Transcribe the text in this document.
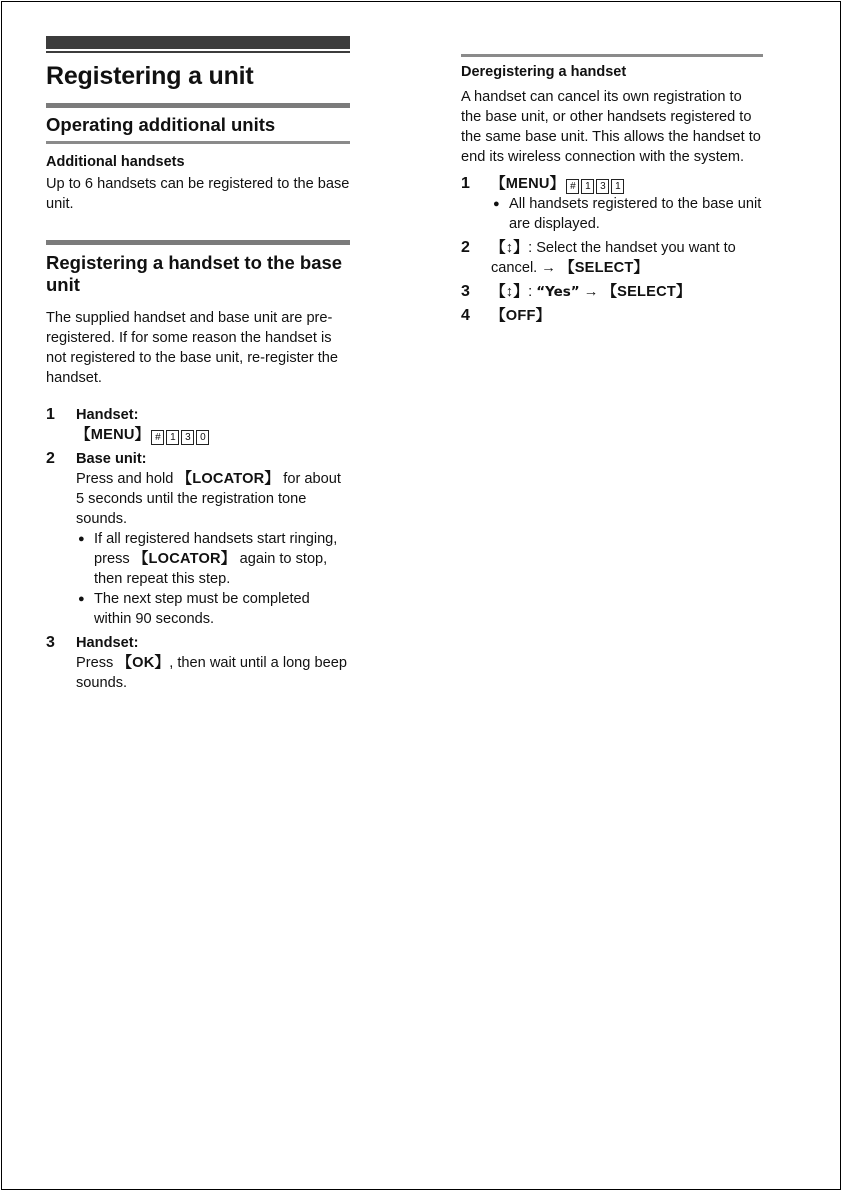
Registering a unit
Operating additional units
Additional handsets

Up to 6 handsets can be registered to the base unit.

Registering a handset to the base unit

The supplied handset and base unit are pre-registered. If for some reason the handset is not registered to the base unit, re-register the handset.

1 Handset:
【MENU】 # 1 3 0
2 Base unit:
Press and hold 【LOCATOR】 for about 5 seconds until the registration tone sounds.
● If all registered handsets start ringing, press 【LOCATOR】 again to stop, then repeat this step.
● The next step must be completed within 90 seconds.
3 Handset:
Press 【OK】, then wait until a long beep sounds.
Deregistering a handset

A handset can cancel its own registration to the base unit, or other handsets registered to the same base unit. This allows the handset to end its wireless connection with the system.

1 【MENU】 # 1 3 1
● All handsets registered to the base unit are displayed.
2 【↕】: Select the handset you want to cancel. → 【SELECT】
3 【↕】: “Yes” → 【SELECT】
4 【OFF】
